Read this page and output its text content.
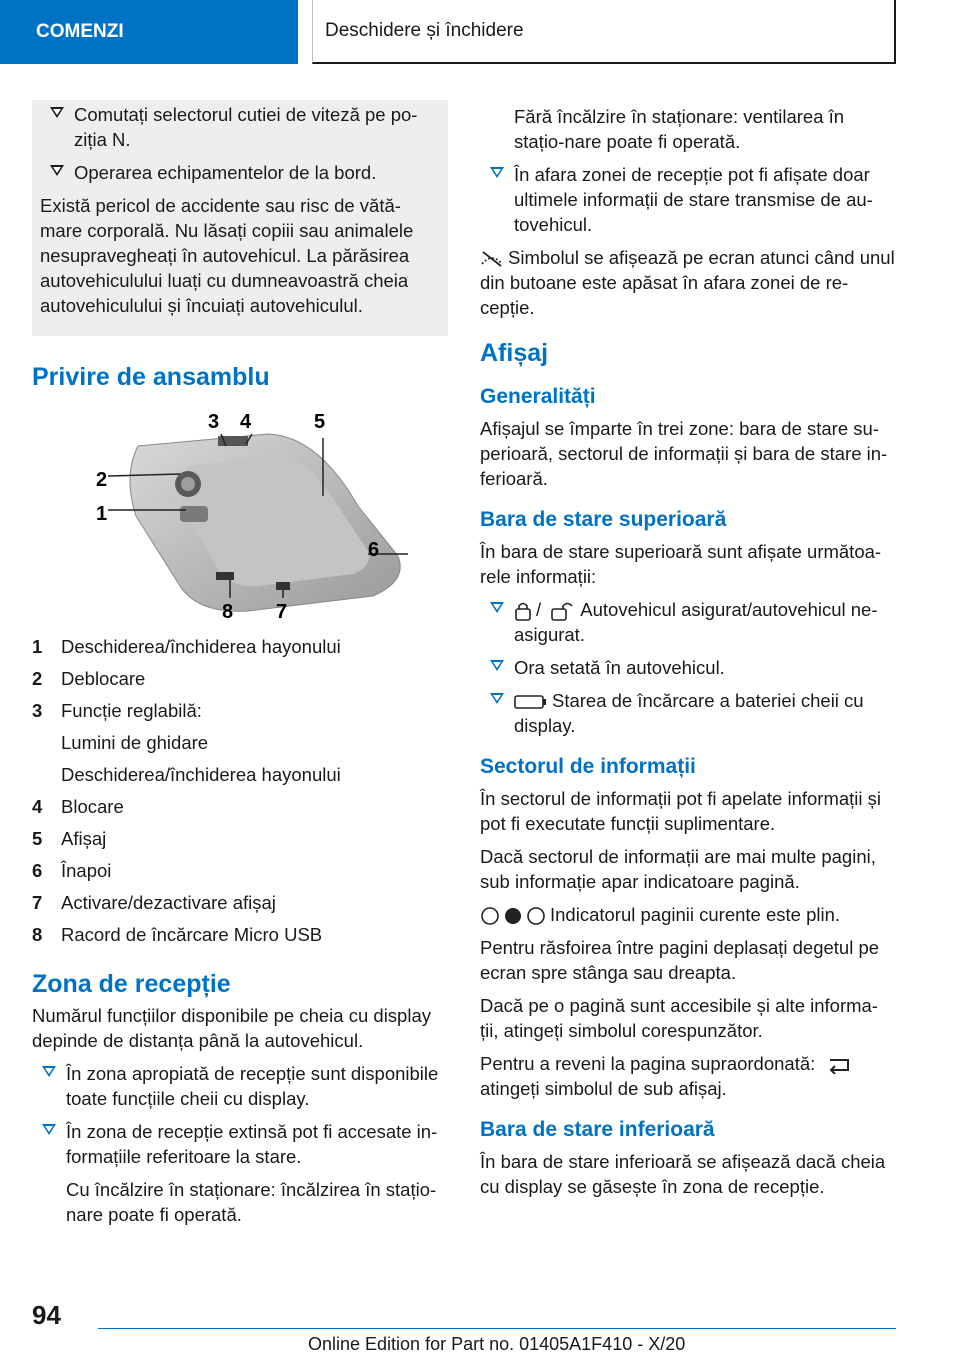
COMENZI	Deschidere și închidere
Comutați selectorul cutiei de viteză pe po-ziția N.
Operarea echipamentelor de la bord.

Există pericol de accidente sau risc de vătă-mare corporală. Nu lăsați copiii sau animalele nesupravegheați în autovehicul. La părăsirea autovehiculului luați cu dumneavoastră cheia autovehiculului și încuiați autovehiculul.

Privire de ansamblu
1
2
3 4	5
6
7
8
1	Deschiderea/închiderea hayonului
2	Deblocare
3	Funcție reglabilă:
Lumini de ghidare
Deschiderea/închiderea hayonului
4	Blocare
5	Afișaj
6	Înapoi
7	Activare/dezactivare afișaj
8	Racord de încărcare Micro USB
Zona de recepție

Numărul funcțiilor disponibile pe cheia cu display depinde de distanța până la autovehicul.

În zona apropiată de recepție sunt disponibile toate funcțiile cheii cu display.
În zona de recepție extinsă pot fi accesate in-formațiile referitoare la stare.

Cu încălzire în staționare: încălzirea în stațio-nare poate fi operată.

Fără încălzire în staționare: ventilarea în stațio-nare poate fi operată.

În afara zonei de recepție pot fi afișate doar ultimele informații de stare transmise de au-tovehicul.

Simbolul se afișează pe ecran atunci când unul din butoane este apăsat în afara zonei de re-cepție.

Afișaj
Generalități

Afișajul se împarte în trei zone: bara de stare su-perioară, sectorul de informații și bara de stare in-ferioară.

Bara de stare superioară

În bara de stare superioară sunt afișate următoa-rele informații:

/ Autovehicul asigurat/autovehicul ne-asigurat.
Ora setată în autovehicul.
Starea de încărcare a bateriei cheii cu display.
Sectorul de informații

În sectorul de informații pot fi apelate informații și pot fi executate funcții suplimentare.

Dacă sectorul de informații are mai multe pagini, sub informație apar indicatoare pagină.

Indicatorul paginii curente este plin.

Pentru răsfoirea între pagini deplasați degetul pe ecran spre stânga sau dreapta.

Dacă pe o pagină sunt accesibile și alte informa-ții, atingeți simbolul corespunzător.

Pentru a reveni la pagina supraordonată:

atingeți simbolul de sub afișaj.

Bara de stare inferioară

În bara de stare inferioară se afișează dacă cheia cu display se găsește în zona de recepție.

94
Online Edition for Part no. 01405A1F410 - X/20
